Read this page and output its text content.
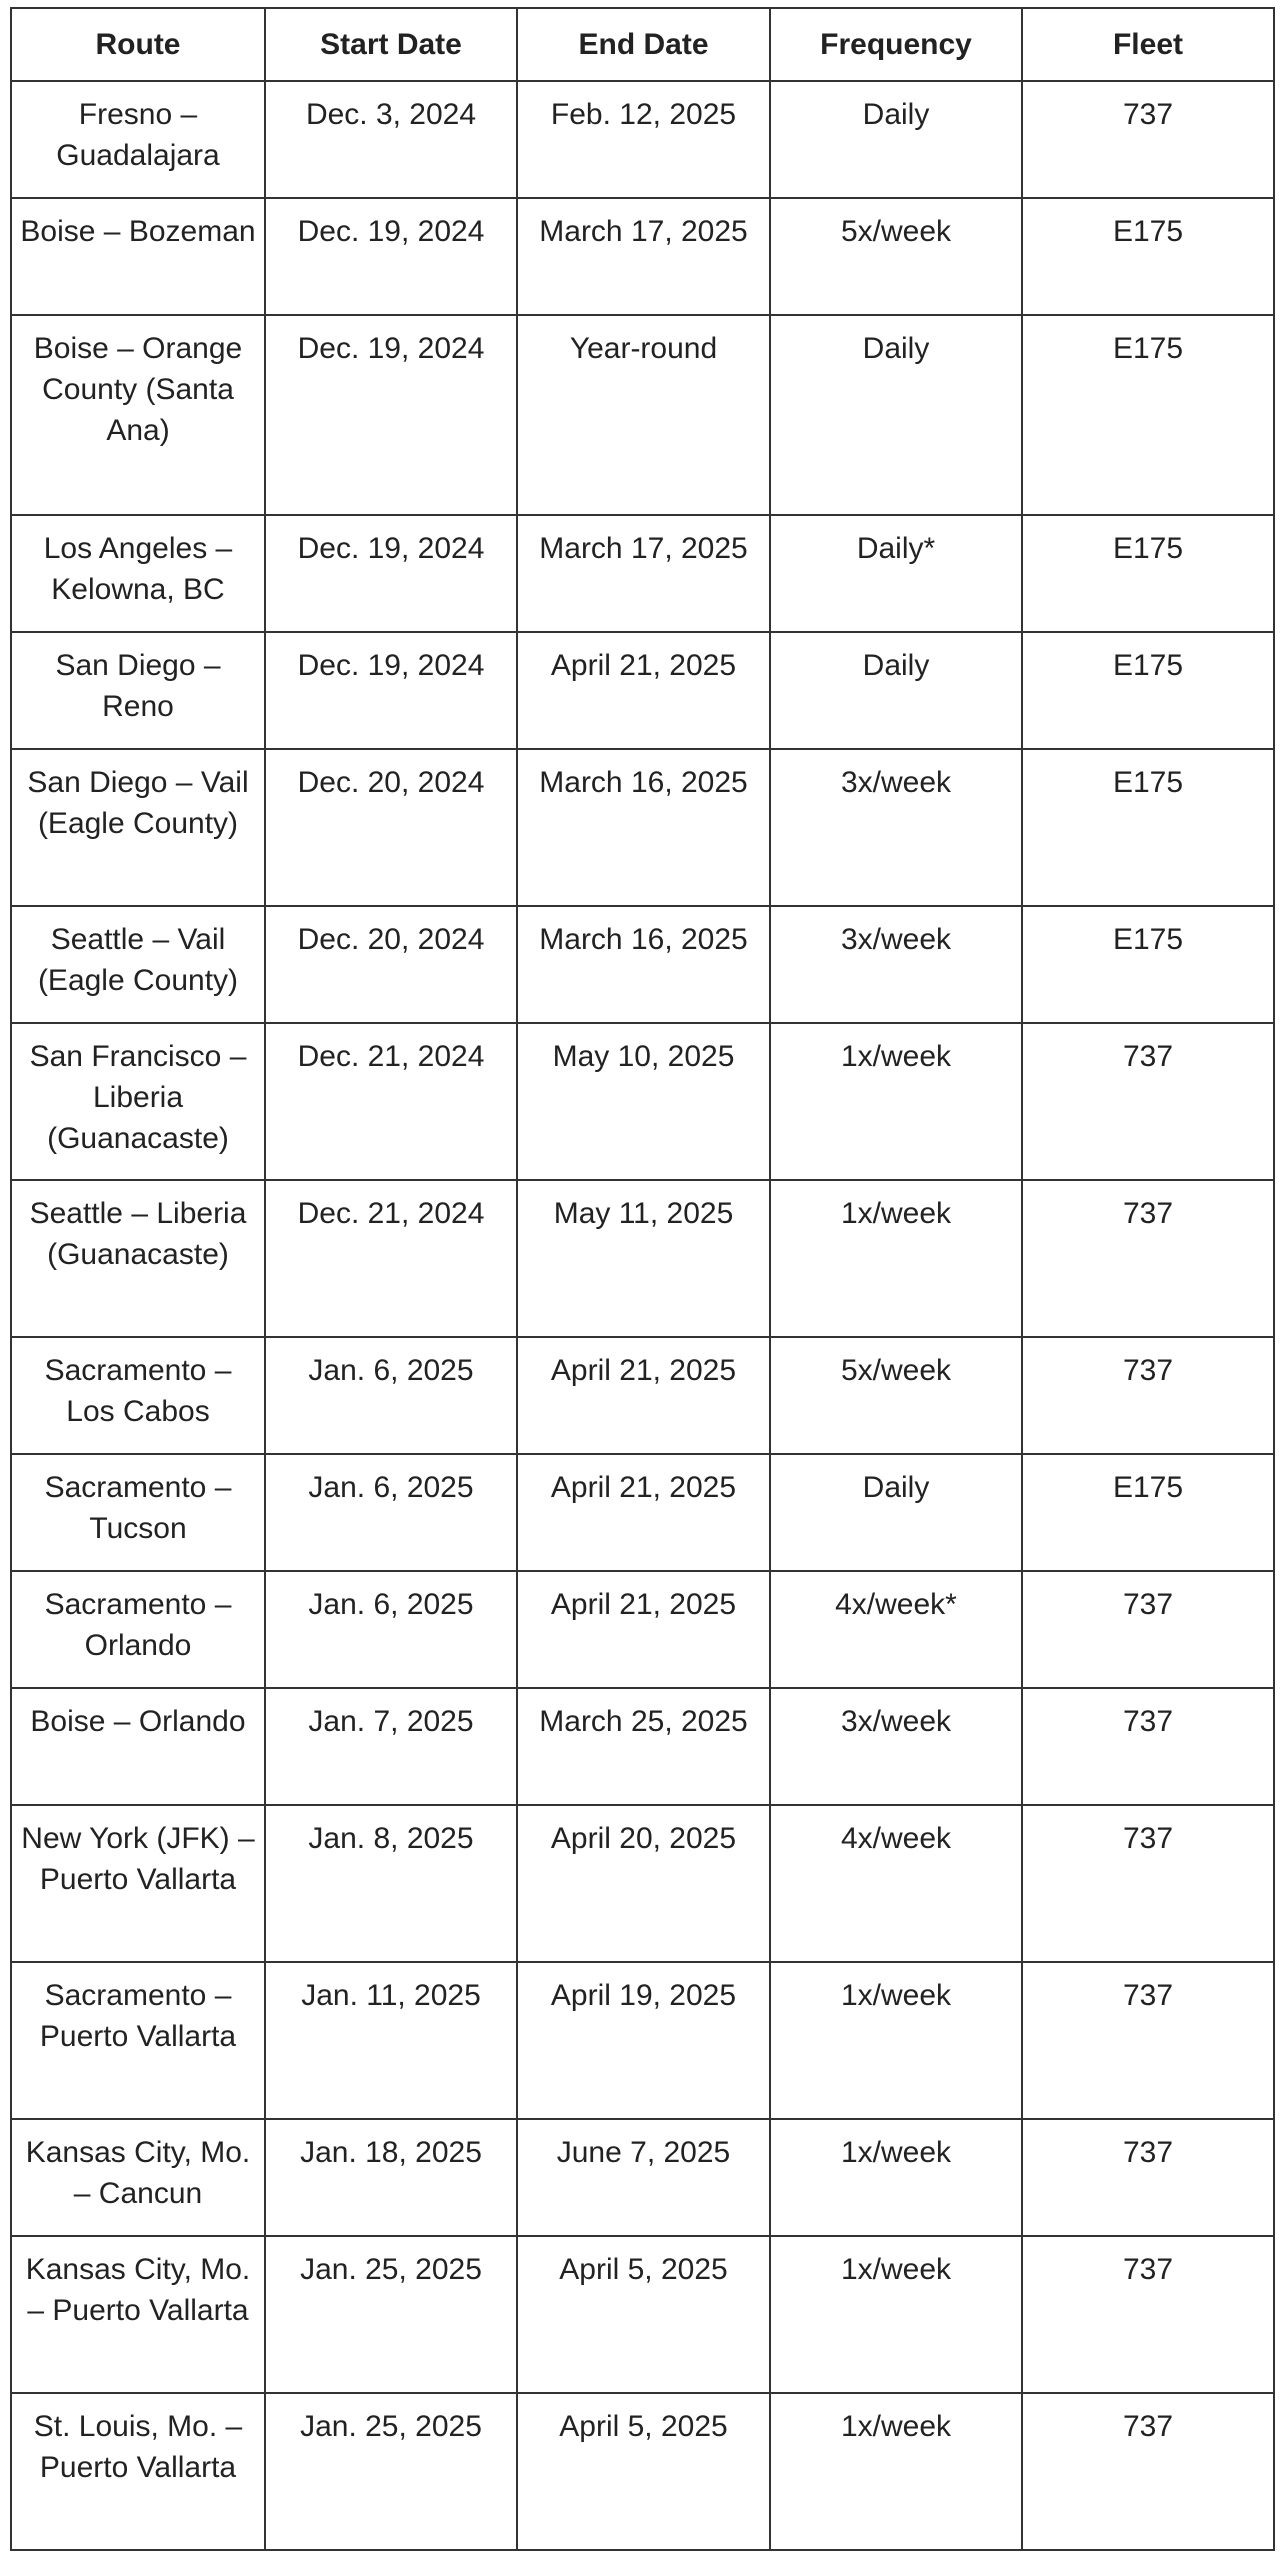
Route	Start Date	End Date	Frequency	Fleet
Fresno – Guadalajara	Dec. 3, 2024	Feb. 12, 2025	Daily	737
Boise – Bozeman	Dec. 19, 2024	March 17, 2025	5x/week	E175
Boise – Orange County (Santa Ana)	Dec. 19, 2024	Year-round	Daily	E175
Los Angeles – Kelowna, BC	Dec. 19, 2024	March 17, 2025	Daily*	E175
San Diego – Reno	Dec. 19, 2024	April 21, 2025	Daily	E175
San Diego – Vail (Eagle County)	Dec. 20, 2024	March 16, 2025	3x/week	E175
Seattle – Vail (Eagle County)	Dec. 20, 2024	March 16, 2025	3x/week	E175
San Francisco – Liberia (Guanacaste)	Dec. 21, 2024	May 10, 2025	1x/week	737
Seattle – Liberia (Guanacaste)	Dec. 21, 2024	May 11, 2025	1x/week	737
Sacramento – Los Cabos	Jan. 6, 2025	April 21, 2025	5x/week	737
Sacramento – Tucson	Jan. 6, 2025	April 21, 2025	Daily	E175
Sacramento – Orlando	Jan. 6, 2025	April 21, 2025	4x/week*	737
Boise – Orlando	Jan. 7, 2025	March 25, 2025	3x/week	737
New York (JFK) – Puerto Vallarta	Jan. 8, 2025	April 20, 2025	4x/week	737
Sacramento – Puerto Vallarta	Jan. 11, 2025	April 19, 2025	1x/week	737
Kansas City, Mo. – Cancun	Jan. 18, 2025	June 7, 2025	1x/week	737
Kansas City, Mo. – Puerto Vallarta	Jan. 25, 2025	April 5, 2025	1x/week	737
St. Louis, Mo. – Puerto Vallarta	Jan. 25, 2025	April 5, 2025	1x/week	737
